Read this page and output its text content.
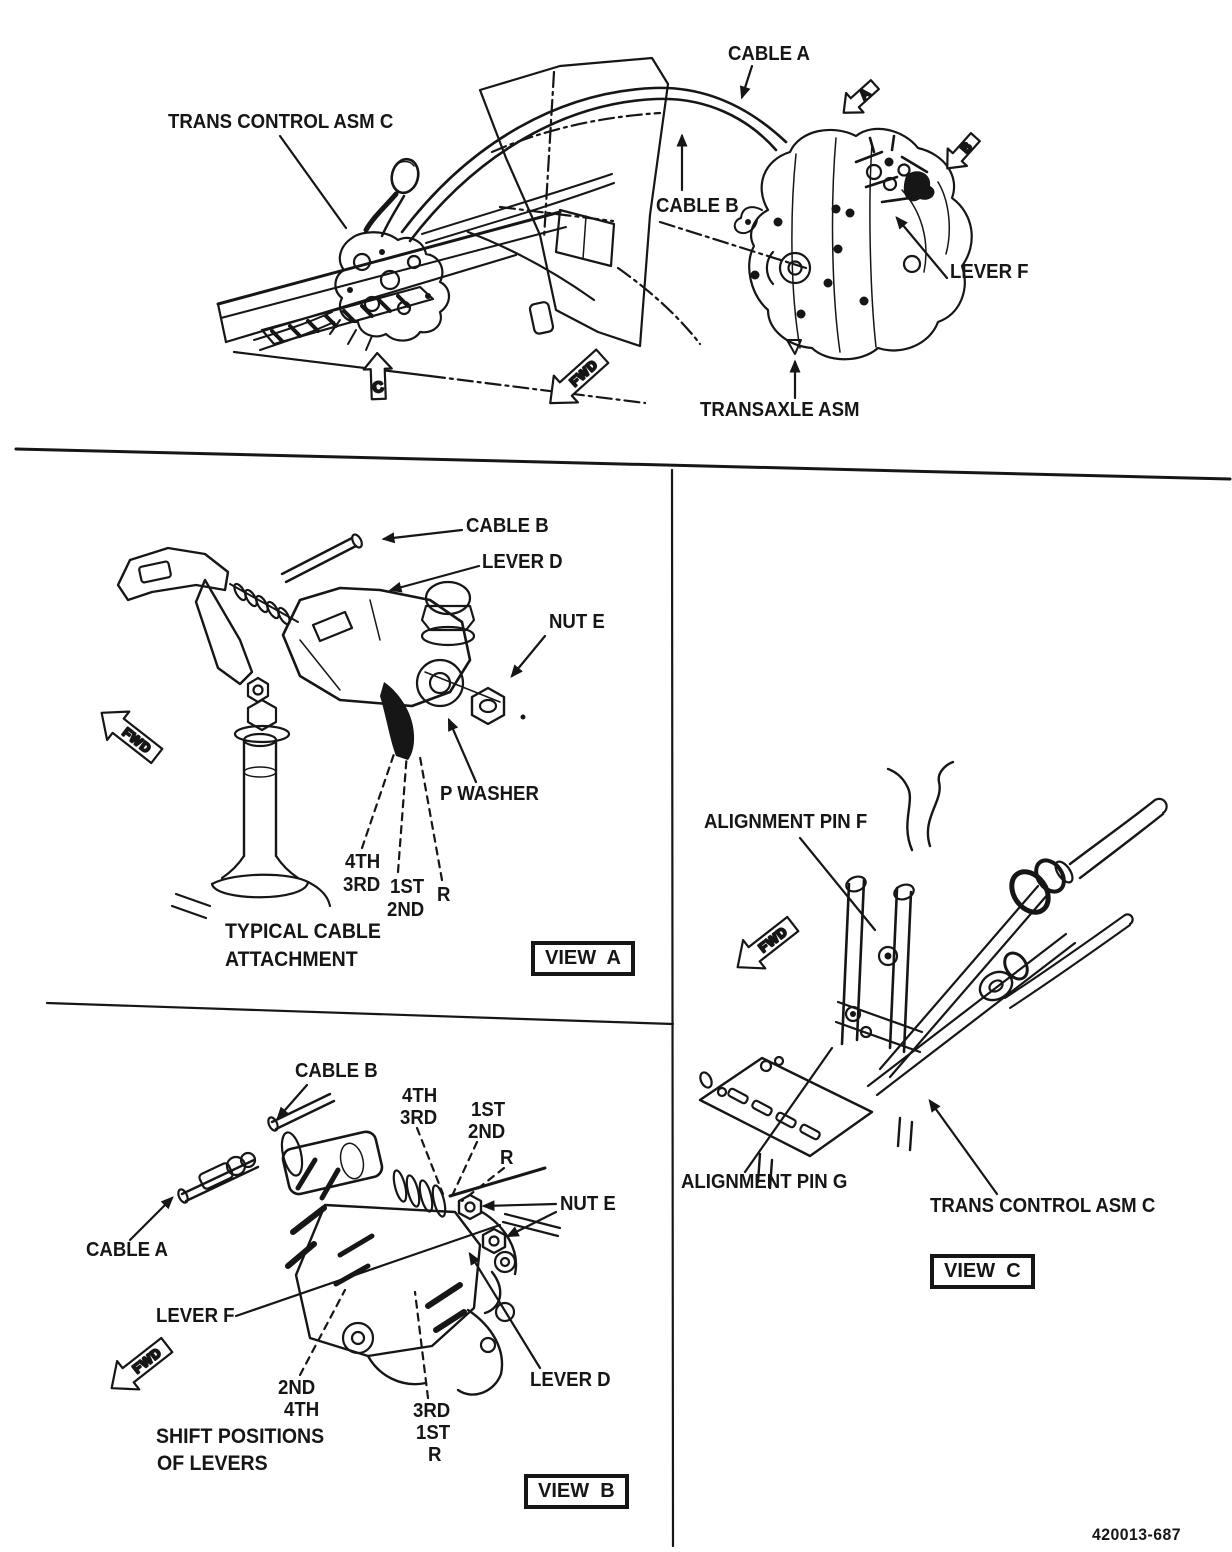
A
B
C	FWD
FWD
FWD
FWD
TRANS CONTROL ASM C
CABLE A
CABLE B
LEVER F
TRANSAXLE ASM
CABLE B
LEVER D
NUT E
P WASHER
4TH
3RD 1ST
2ND
R
TYPICAL CABLE
ATTACHMENT	VIEW  A
CABLE B
4TH
3RD 1ST
2ND
R
NUT E
CABLE A
LEVER F
2ND
4TH	3RD
1ST
R
LEVER D
SHIFT POSITIONS
OF LEVERS
VIEW  B
ALIGNMENT PIN F
ALIGNMENT PIN G
TRANS CONTROL ASM C
VIEW  C
420013-687
